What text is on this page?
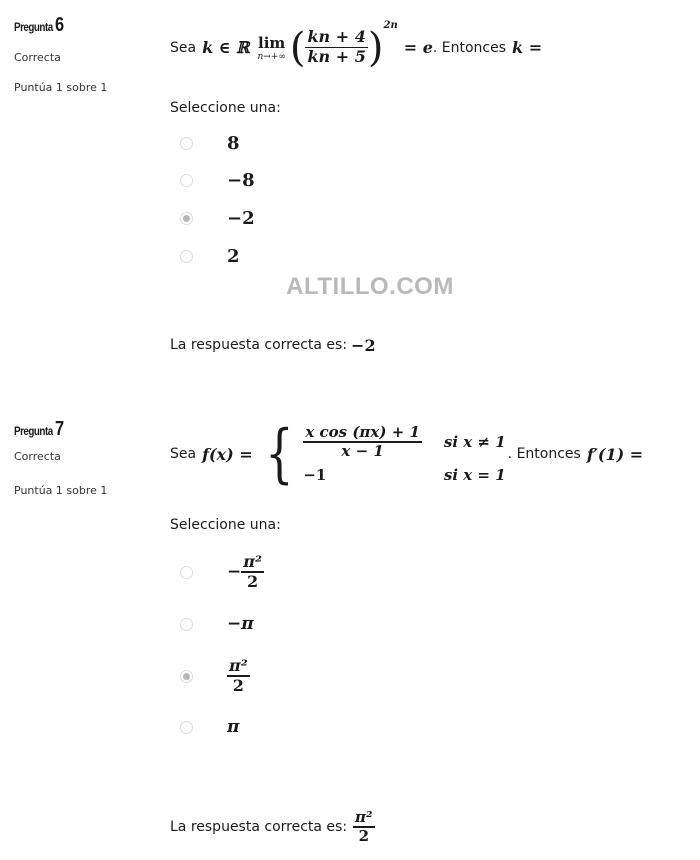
Pregunta 6
Correcta
Puntúa 1 sobre 1
Sea k ∈ ℝ lim
n→+∞ ( $\frac{kn + 4}{kn + 5}$ ) 2n
= e . Entonces k =
Seleccione una:
8
−8
−2
2
ALTILLO.COM
La respuesta correcta es: −2
Pregunta 7
Correcta
Puntúa 1 sobre 1
Sea f(x) = { $\frac{\text{x cos (πx) + 1}}{x - 1}$ si x ≠ 1
−1	si x = 1
. Entonces f′(1) =
Seleccione una:
− $\frac{\text{π²}}{2}$
−π
$\frac{\text{π²}}{2}$
π
La respuesta correcta es: $\frac{\text{π²}}{2}$
